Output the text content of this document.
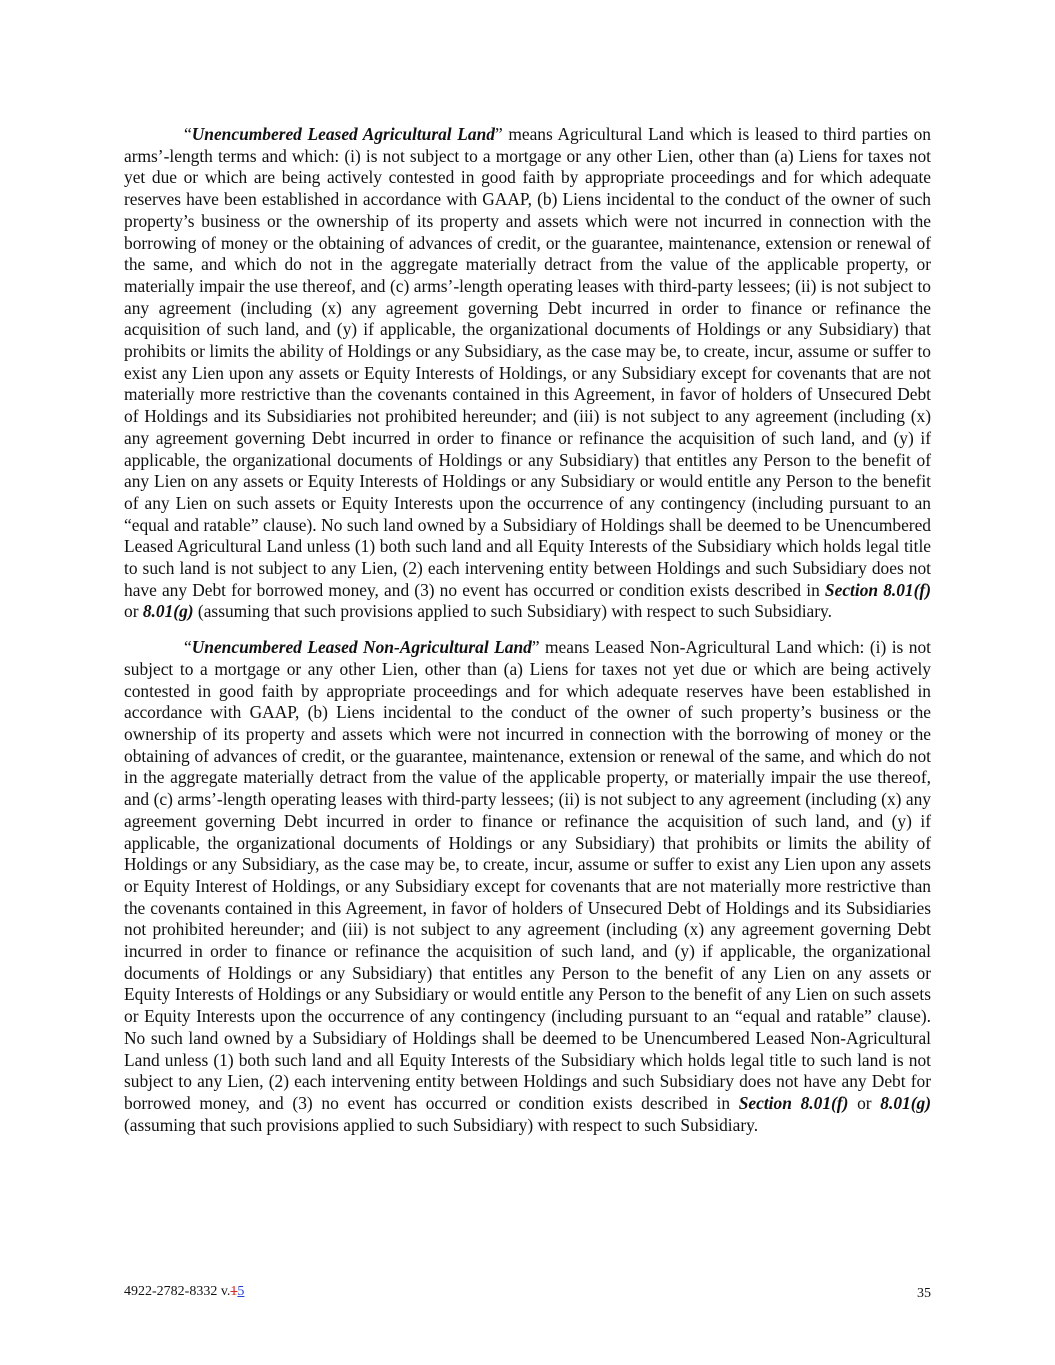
“Unencumbered Leased Agricultural Land” means Agricultural Land which is leased to third parties on arms’-length terms and which: (i) is not subject to a mortgage or any other Lien, other than (a) Liens for taxes not yet due or which are being actively contested in good faith by appropriate proceedings and for which adequate reserves have been established in accordance with GAAP, (b) Liens incidental to the conduct of the owner of such property’s business or the ownership of its property and assets which were not incurred in connection with the borrowing of money or the obtaining of advances of credit, or the guarantee, maintenance, extension or renewal of the same, and which do not in the aggregate materially detract from the value of the applicable property, or materially impair the use thereof, and (c) arms’-length operating leases with third-party lessees; (ii) is not subject to any agreement (including (x) any agreement governing Debt incurred in order to finance or refinance the acquisition of such land, and (y) if applicable, the organizational documents of Holdings or any Subsidiary) that prohibits or limits the ability of Holdings or any Subsidiary, as the case may be, to create, incur, assume or suffer to exist any Lien upon any assets or Equity Interests of Holdings, or any Subsidiary except for covenants that are not materially more restrictive than the covenants contained in this Agreement, in favor of holders of Unsecured Debt of Holdings and its Subsidiaries not prohibited hereunder; and (iii) is not subject to any agreement (including (x) any agreement governing Debt incurred in order to finance or refinance the acquisition of such land, and (y) if applicable, the organizational documents of Holdings or any Subsidiary) that entitles any Person to the benefit of any Lien on any assets or Equity Interests of Holdings or any Subsidiary or would entitle any Person to the benefit of any Lien on such assets or Equity Interests upon the occurrence of any contingency (including pursuant to an “equal and ratable” clause). No such land owned by a Subsidiary of Holdings shall be deemed to be Unencumbered Leased Agricultural Land unless (1) both such land and all Equity Interests of the Subsidiary which holds legal title to such land is not subject to any Lien, (2) each intervening entity between Holdings and such Subsidiary does not have any Debt for borrowed money, and (3) no event has occurred or condition exists described in Section 8.01(f) or 8.01(g) (assuming that such provisions applied to such Subsidiary) with respect to such Subsidiary.

“Unencumbered Leased Non-Agricultural Land” means Leased Non-Agricultural Land which: (i) is not subject to a mortgage or any other Lien, other than (a) Liens for taxes not yet due or which are being actively contested in good faith by appropriate proceedings and for which adequate reserves have been established in accordance with GAAP, (b) Liens incidental to the conduct of the owner of such property’s business or the ownership of its property and assets which were not incurred in connection with the borrowing of money or the obtaining of advances of credit, or the guarantee, maintenance, extension or renewal of the same, and which do not in the aggregate materially detract from the value of the applicable property, or materially impair the use thereof, and (c) arms’-length operating leases with third-party lessees; (ii) is not subject to any agreement (including (x) any agreement governing Debt incurred in order to finance or refinance the acquisition of such land, and (y) if applicable, the organizational documents of Holdings or any Subsidiary) that prohibits or limits the ability of Holdings or any Subsidiary, as the case may be, to create, incur, assume or suffer to exist any Lien upon any assets or Equity Interest of Holdings, or any Subsidiary except for covenants that are not materially more restrictive than the covenants contained in this Agreement, in favor of holders of Unsecured Debt of Holdings and its Subsidiaries not prohibited hereunder; and (iii) is not subject to any agreement (including (x) any agreement governing Debt incurred in order to finance or refinance the acquisition of such land, and (y) if applicable, the organizational documents of Holdings or any Subsidiary) that entitles any Person to the benefit of any Lien on any assets or Equity Interests of Holdings or any Subsidiary or would entitle any Person to the benefit of any Lien on such assets or Equity Interests upon the occurrence of any contingency (including pursuant to an “equal and ratable” clause). No such land owned by a Subsidiary of Holdings shall be deemed to be Unencumbered Leased Non-Agricultural Land unless (1) both such land and all Equity Interests of the Subsidiary which holds legal title to such land is not subject to any Lien, (2) each intervening entity between Holdings and such Subsidiary does not have any Debt for borrowed money, and (3) no event has occurred or condition exists described in Section 8.01(f) or 8.01(g) (assuming that such provisions applied to such Subsidiary) with respect to such Subsidiary.

4922-2782-8332 v.15	35
